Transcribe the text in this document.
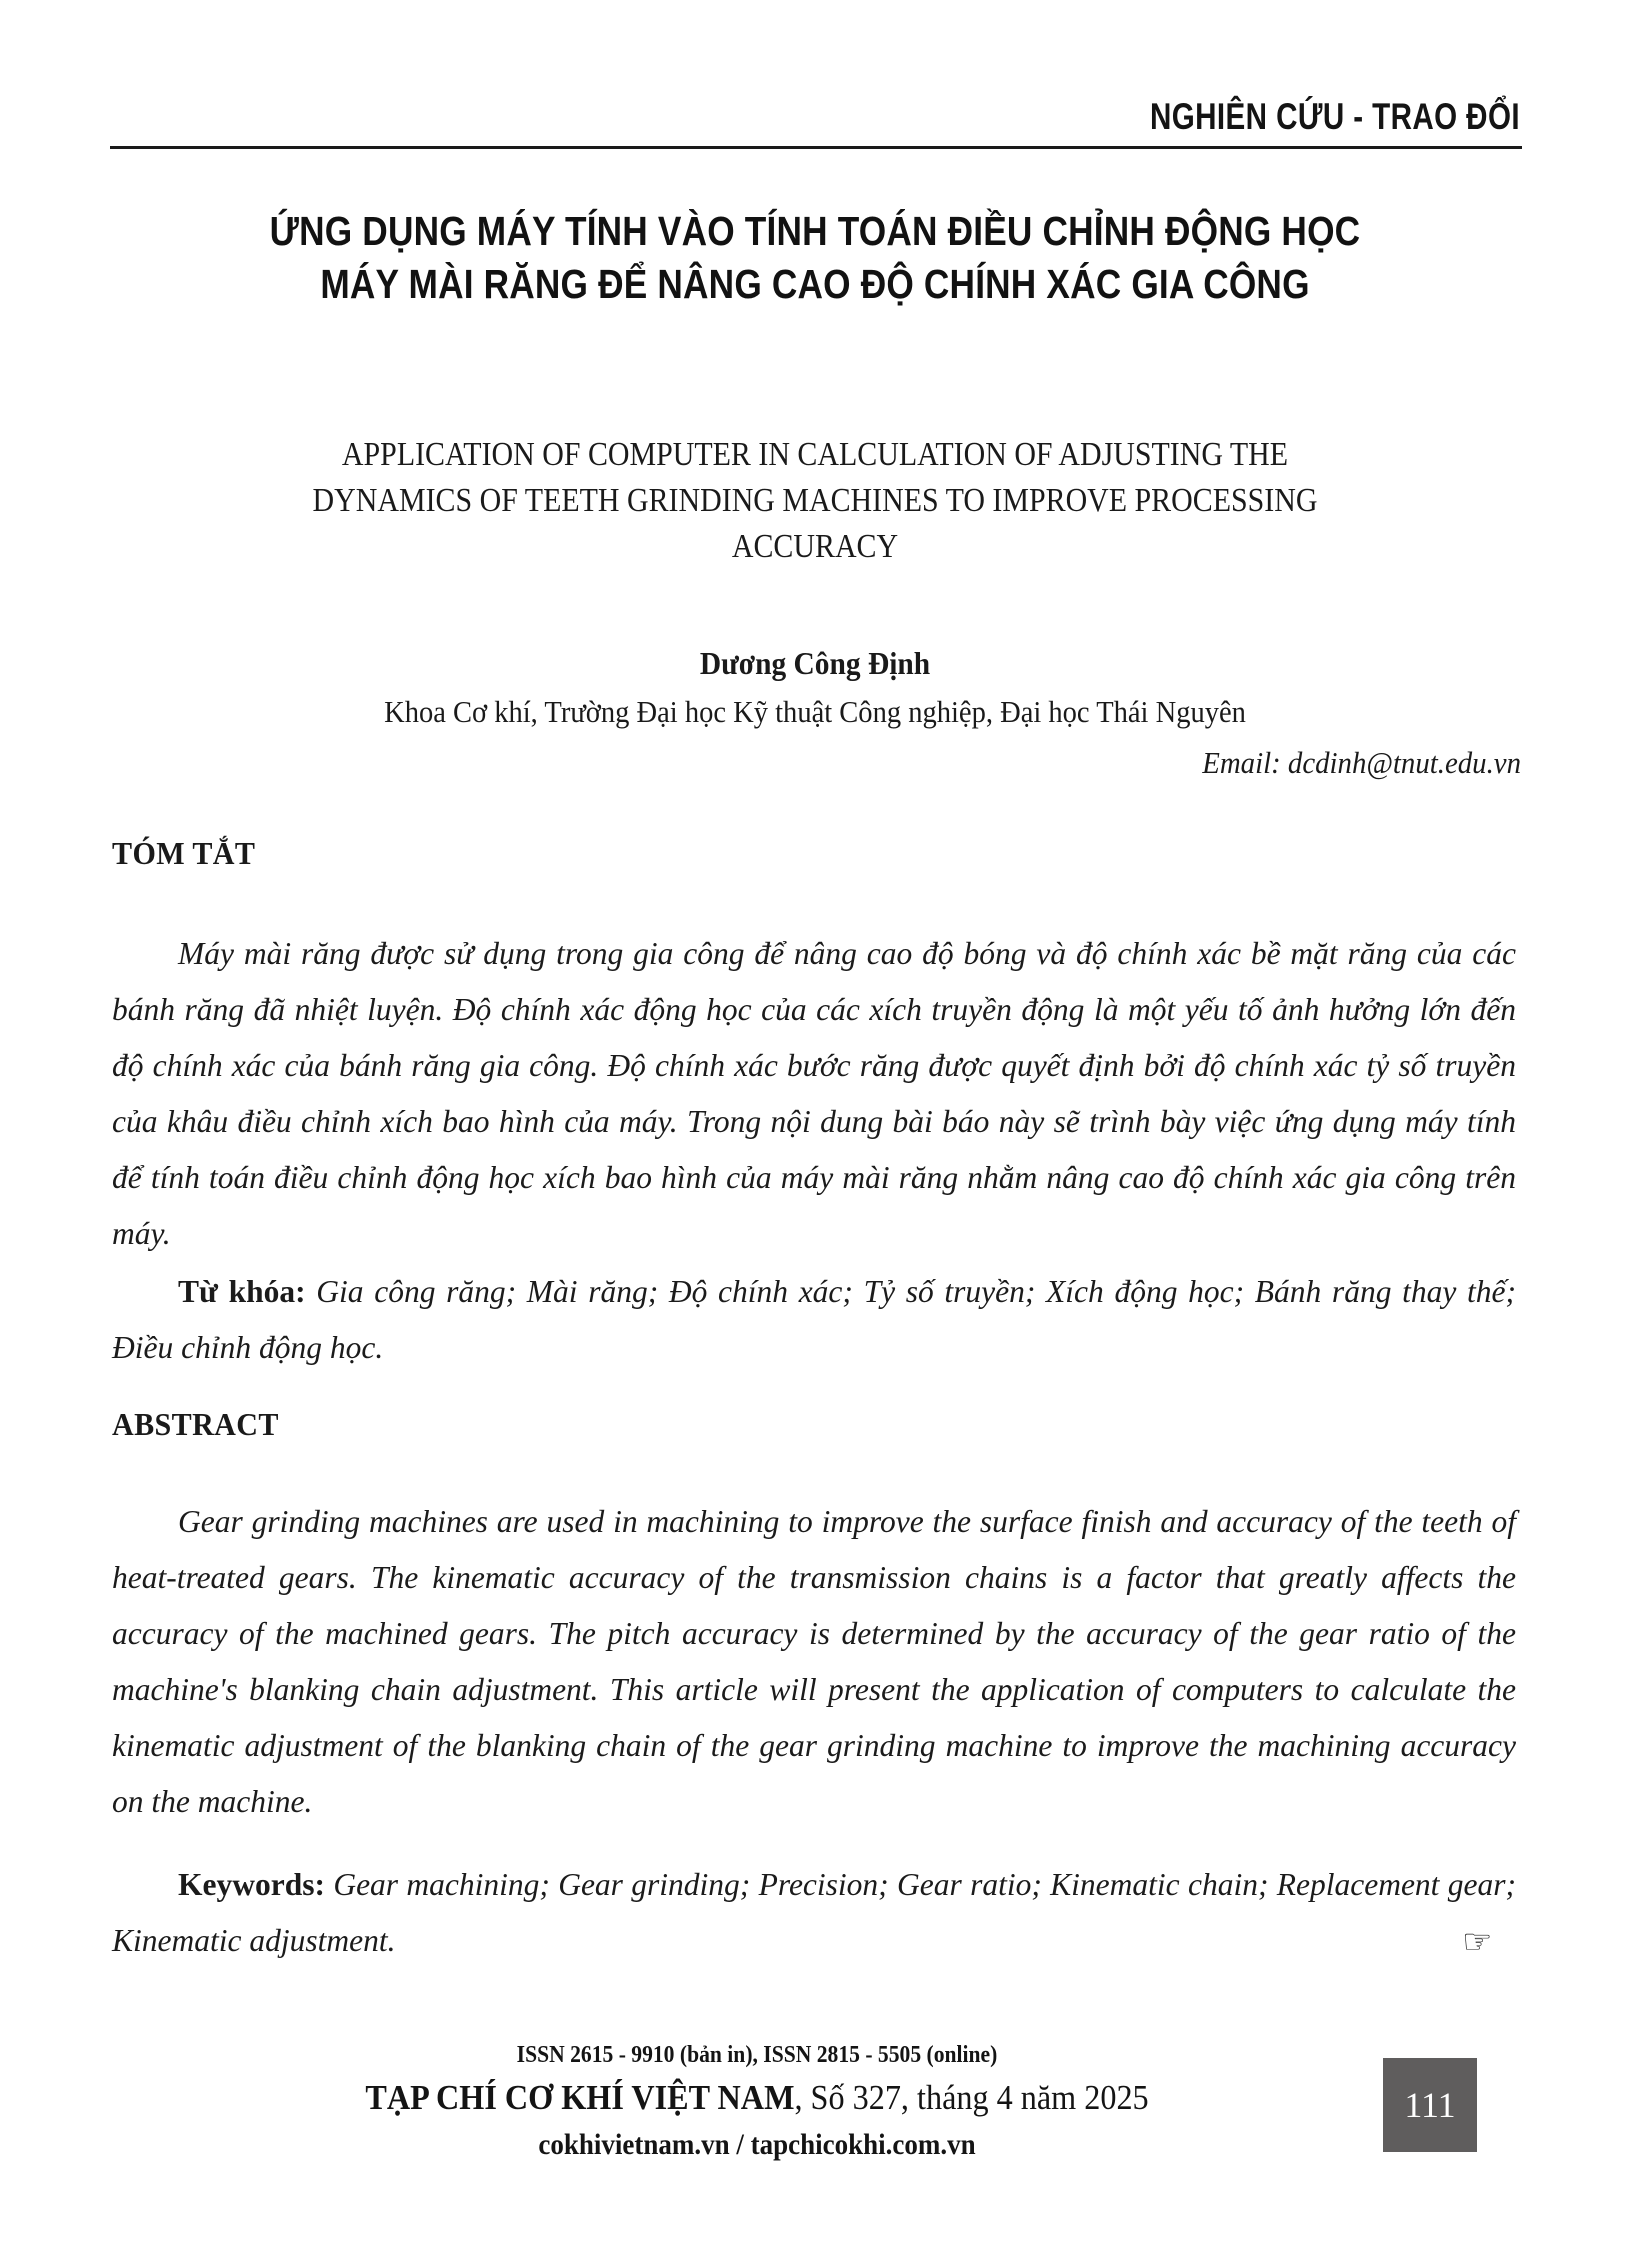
NGHIÊN CỨU - TRAO ĐỔI
ỨNG DỤNG MÁY TÍNH VÀO TÍNH TOÁN ĐIỀU CHỈNH ĐỘNG HỌC
MÁY MÀI RĂNG ĐỂ NÂNG CAO ĐỘ CHÍNH XÁC GIA CÔNG
APPLICATION OF COMPUTER IN CALCULATION OF ADJUSTING THE
DYNAMICS OF TEETH GRINDING MACHINES TO IMPROVE PROCESSING
ACCURACY
Dương Công Định
Khoa Cơ khí, Trường Đại học Kỹ thuật Công nghiệp, Đại học Thái Nguyên
Email: dcdinh@tnut.edu.vn
TÓM TẮT
Máy mài răng được sử dụng trong gia công để nâng cao độ bóng và độ chính xác bề mặt răng của các bánh răng đã nhiệt luyện. Độ chính xác động học của các xích truyền động là một yếu tố ảnh hưởng lớn đến độ chính xác của bánh răng gia công. Độ chính xác bước răng được quyết định bởi độ chính xác tỷ số truyền của khâu điều chỉnh xích bao hình của máy. Trong nội dung bài báo này sẽ trình bày việc ứng dụng máy tính để tính toán điều chỉnh động học xích bao hình của máy mài răng nhằm nâng cao độ chính xác gia công trên máy.
Từ khóa: Gia công răng; Mài răng; Độ chính xác; Tỷ số truyền; Xích động học; Bánh răng thay thế; Điều chỉnh động học.
ABSTRACT
Gear grinding machines are used in machining to improve the surface finish and accuracy of the teeth of heat-treated gears. The kinematic accuracy of the transmission chains is a factor that greatly affects the accuracy of the machined gears. The pitch accuracy is determined by the accuracy of the gear ratio of the machine's blanking chain adjustment. This article will present the application of computers to calculate the kinematic adjustment of the blanking chain of the gear grinding machine to improve the machining accuracy on the machine.
Keywords: Gear machining; Gear grinding; Precision; Gear ratio; Kinematic chain; Replacement gear; Kinematic adjustment.	☞
ISSN 2615 - 9910 (bản in), ISSN 2815 - 5505 (online)
TẠP CHÍ CƠ KHÍ VIỆT NAM, Số 327, tháng 4 năm 2025
cokhivietnam.vn / tapchicokhi.com.vn
111
